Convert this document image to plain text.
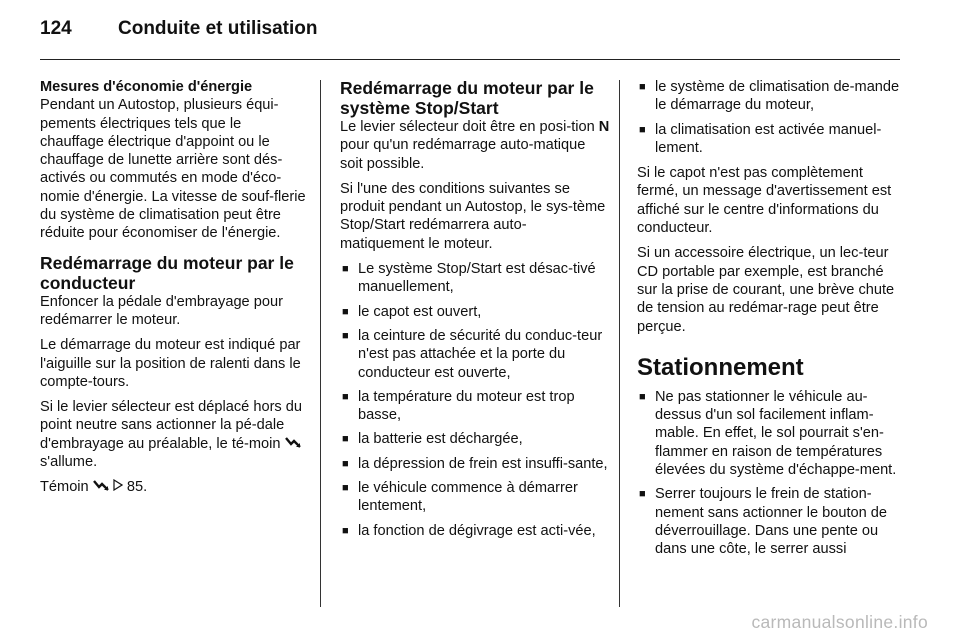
124 Conduite et utilisation

Mesures d'économie d'énergie

Pendant un Autostop, plusieurs équi-pements électriques tels que le chauffage électrique d'appoint ou le chauffage de lunette arrière sont dés-activés ou commutés en mode d'éco-nomie d'énergie. La vitesse de souf-flerie du système de climatisation peut être réduite pour économiser de l'énergie.

Redémarrage du moteur par le conducteur

Enfoncer la pédale d'embrayage pour redémarrer le moteur.

Le démarrage du moteur est indiqué par l'aiguille sur la position de ralenti dans le compte-tours.

Si le levier sélecteur est déplacé hors du point neutre sans actionner la pé-dale d'embrayage au préalable, le té-moin  s'allume.

Témoin	85.

Redémarrage du moteur par le système Stop/Start

Le levier sélecteur doit être en posi-tion N pour qu'un redémarrage auto-matique soit possible.

Si l'une des conditions suivantes se produit pendant un Autostop, le sys-tème Stop/Start redémarrera auto-matiquement le moteur.

■ Le système Stop/Start est désac-tivé manuellement,
■ le capot est ouvert,
■ la ceinture de sécurité du conduc-teur n'est pas attachée et la porte du conducteur est ouverte,
■ la température du moteur est trop basse,
■ la batterie est déchargée,
■ la dépression de frein est insuffi-sante,
■ le véhicule commence à démarrer lentement,
■ la fonction de dégivrage est acti-vée,
■ le système de climatisation de-mande le démarrage du moteur,
■ la climatisation est activée manuel-lement.

Si le capot n'est pas complètement fermé, un message d'avertissement est affiché sur le centre d'informations du conducteur.

Si un accessoire électrique, un lec-teur CD portable par exemple, est branché sur la prise de courant, une brève chute de tension au redémar-rage peut être perçue.

Stationnement

■ Ne pas stationner le véhicule au-dessus d'un sol facilement inflam-mable. En effet, le sol pourrait s'en-flammer en raison de températures élevées du système d'échappe-ment.
■ Serrer toujours le frein de station-nement sans actionner le bouton de déverrouillage. Dans une pente ou dans une côte, le serrer aussi
carmanualsonline.info
